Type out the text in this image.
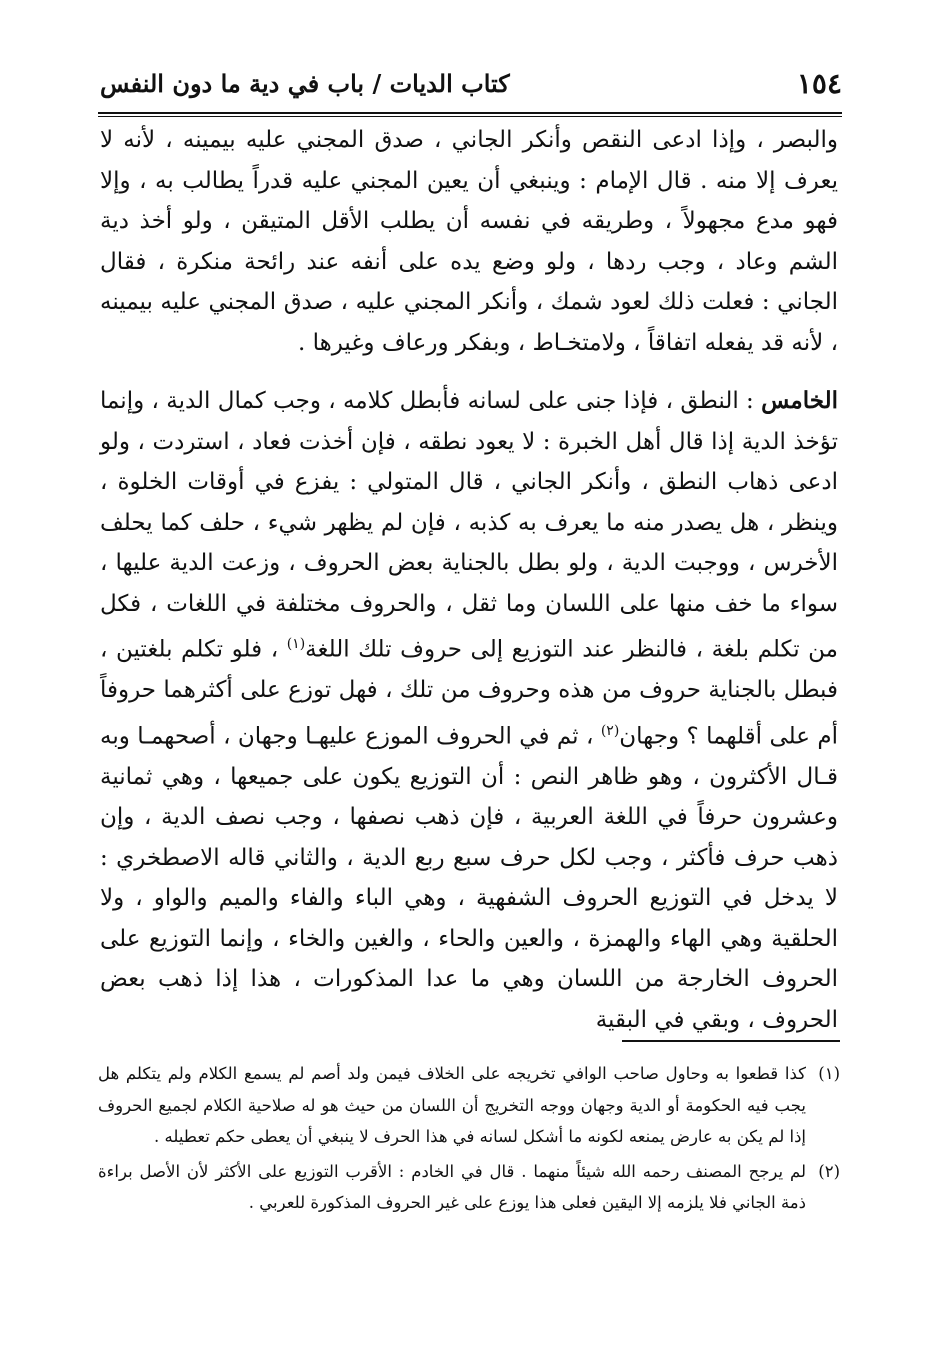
١٥٤
كتاب الديات / باب في دية ما دون النفس

والبصر ، وإذا ادعى النقص وأنكر الجاني ، صدق المجني عليه بيمينه ، لأنه لا يعرف إلا منه . قال الإمام : وينبغي أن يعين المجني عليه قدراً يطالب به ، وإلا فهو مدع مجهولاً ، وطريقه في نفسه أن يطلب الأقل المتيقن ، ولو أخذ دية الشم وعاد ، وجب ردها ، ولو وضع يده على أنفه عند رائحة منكرة ، فقال الجاني : فعلت ذلك لعود شمك ، وأنكر المجني عليه ، صدق المجني عليه بيمينه ، لأنه قد يفعله اتفاقاً ، ولامتخـاط ، وبفكر ورعاف وغيرها .

الخامس : النطق ، فإذا جنى على لسانه فأبطل كلامه ، وجب كمال الدية ، وإنما تؤخذ الدية إذا قال أهل الخبرة : لا يعود نطقه ، فإن أخذت فعاد ، استردت ، ولو ادعى ذهاب النطق ، وأنكر الجاني ، قال المتولي : يفزع في أوقات الخلوة ، وينظر ، هل يصدر منه ما يعرف به كذبه ، فإن لم يظهر شيء ، حلف كما يحلف الأخرس ، ووجبت الدية ، ولو بطل بالجناية بعض الحروف ، وزعت الدية عليها ، سواء ما خف منها على اللسان وما ثقل ، والحروف مختلفة في اللغات ، فكل من تكلم بلغة ، فالنظر عند التوزيع إلى حروف تلك اللغة$^{(١)}$ ، فلو تكلم بلغتين ، فبطل بالجناية حروف من هذه وحروف من تلك ، فهل توزع على أكثرهما حروفاً أم على أقلهما ؟ وجهان$^{(٢)}$ ، ثم في الحروف الموزع عليهـا وجهان ، أصحهمـا وبه قـال الأكثرون ، وهو ظاهر النص : أن التوزيع يكون على جميعها ، وهي ثمانية وعشرون حرفاً في اللغة العربية ، فإن ذهب نصفها ، وجب نصف الدية ، وإن ذهب حرف فأكثر ، وجب لكل حرف سبع ربع الدية ، والثاني قاله الاصطخري : لا يدخل في التوزيع الحروف الشفهية ، وهي الباء والفاء والميم والواو ، ولا الحلقية وهي الهاء والهمزة ، والعين والحاء ، والغين والخاء ، وإنما التوزيع على الحروف الخارجة من اللسان وهي ما عدا المذكورات ، هذا إذا ذهب بعض الحروف ، وبقي في البقية

(١)
كذا قطعوا به وحاول صاحب الوافي تخريجه على الخلاف فيمن ولد أصم لم يسمع الكلام ولم يتكلم هل يجب فيه الحكومة أو الدية وجهان ووجه التخريج أن اللسان من حيث هو له صلاحية الكلام لجميع الحروف إذا لم يكن به عارض يمنعه لكونه ما أشكل لسانه في هذا الحرف لا ينبغي أن يعطى حكم تعطيله .
(٢)
لم يرجح المصنف رحمه الله شيئاً منهما . قال في الخادم : الأقرب التوزيع على الأكثر لأن الأصل براءة ذمة الجاني فلا يلزمه إلا اليقين فعلى هذا يوزع على غير الحروف المذكورة للعربي .
